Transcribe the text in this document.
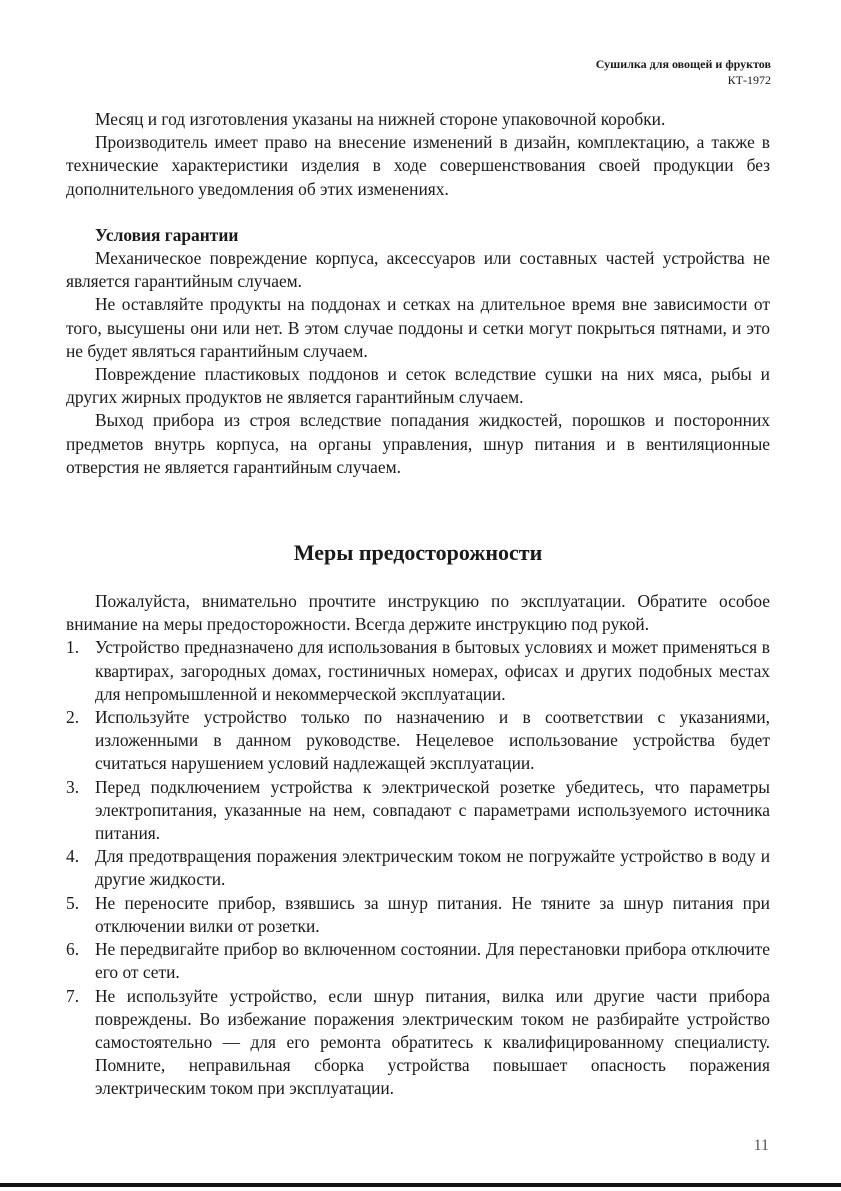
Сушилка для овощей и фруктов
КТ-1972

Месяц и год изготовления указаны на нижней стороне упаковочной коробки.

Производитель имеет право на внесение изменений в дизайн, комплектацию, а также в технические характеристики изделия в ходе совершенствования своей продукции без дополнительного уведомления об этих изменениях.

Условия гарантии

Механическое повреждение корпуса, аксессуаров или составных частей устройства не является гарантийным случаем.

Не оставляйте продукты на поддонах и сетках на длительное время вне зависимости от того, высушены они или нет. В этом случае поддоны и сетки могут покрыться пятнами, и это не будет являться гарантийным случаем.

Повреждение пластиковых поддонов и сеток вследствие сушки на них мяса, рыбы и других жирных продуктов не является гарантийным случаем.

Выход прибора из строя вследствие попадания жидкостей, порошков и посторонних предметов внутрь корпуса, на органы управления, шнур питания и в вентиляционные отверстия не является гарантийным случаем.

Меры предосторожности

Пожалуйста, внимательно прочтите инструкцию по эксплуатации. Обратите особое внимание на меры предосторожности. Всегда держите инструкцию под рукой.

1. Устройство предназначено для использования в бытовых условиях и может применяться в квартирах, загородных домах, гостиничных номерах, офисах и других подобных местах для непромышленной и некоммерческой эксплуатации.
2. Используйте устройство только по назначению и в соответствии с указаниями, изложенными в данном руководстве. Нецелевое использование устройства будет считаться нарушением условий надлежащей эксплуатации.
3. Перед подключением устройства к электрической розетке убедитесь, что параметры электропитания, указанные на нем, совпадают с параметрами используемого источника питания.
4. Для предотвращения поражения электрическим током не погружайте устройство в воду и другие жидкости.
5. Не переносите прибор, взявшись за шнур питания. Не тяните за шнур питания при отключении вилки от розетки.
6. Не передвигайте прибор во включенном состоянии. Для перестановки прибора отключите его от сети.
7. Не используйте устройство, если шнур питания, вилка или другие части прибора повреждены. Во избежание поражения электрическим током не разбирайте устройство самостоятельно — для его ремонта обратитесь к квалифицированному специалисту. Помните, неправильная сборка устройства повышает опасность поражения электрическим током при эксплуатации.
11
